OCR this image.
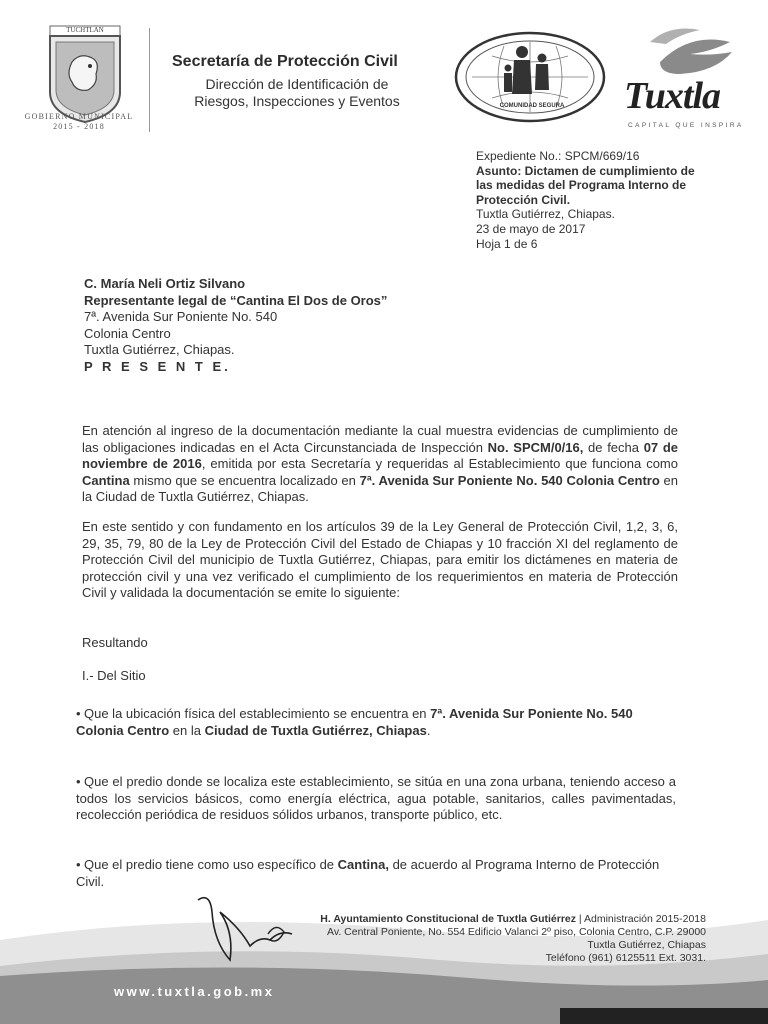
TUCHTLAN
GOBIERNO MUNICIPAL
2015 - 2018
Secretaría de Protección Civil
Dirección de Identificación de
Riesgos, Inspecciones y Eventos	COMUNIDAD SEGURA Tuxtla
CAPITAL QUE INSPIRA
Expediente No.: SPCM/669/16
Asunto: Dictamen de cumplimiento de
las medidas del Programa Interno de
Protección Civil.
Tuxtla Gutiérrez, Chiapas.
23 de mayo de 2017
Hoja 1 de 6
C. María Neli Ortiz Silvano
Representante legal de “Cantina El Dos de Oros”
7ª. Avenida Sur Poniente No. 540
Colonia Centro
Tuxtla Gutiérrez, Chiapas.
P R E S E N T E.
En atención al ingreso de la documentación mediante la cual muestra evidencias de cumplimiento de las obligaciones indicadas en el Acta Circunstanciada de Inspección No. SPCM/0/16, de fecha 07 de noviembre de 2016, emitida por esta Secretaría y requeridas al Establecimiento que funciona como Cantina mismo que se encuentra localizado en 7ª. Avenida Sur Poniente No. 540 Colonia Centro en la Ciudad de Tuxtla Gutiérrez, Chiapas.
En este sentido y con fundamento en los artículos 39 de la Ley General de Protección Civil, 1,2, 3, 6, 29, 35, 79, 80 de la Ley de Protección Civil del Estado de Chiapas y 10 fracción XI del reglamento de Protección Civil del municipio de Tuxtla Gutiérrez, Chiapas, para emitir los dictámenes en materia de protección civil y una vez verificado el cumplimiento de los requerimientos en materia de Protección Civil y validada la documentación se emite lo siguiente:
Resultando
I.- Del Sitio
• Que la ubicación física del establecimiento se encuentra en 7ª. Avenida Sur Poniente No. 540 Colonia Centro en la Ciudad de Tuxtla Gutiérrez, Chiapas.
• Que el predio donde se localiza este establecimiento, se sitúa en una zona urbana, teniendo acceso a todos los servicios básicos, como energía eléctrica, agua potable, sanitarios, calles pavimentadas, recolección periódica de residuos sólidos urbanos, transporte público, etc.
• Que el predio tiene como uso específico de Cantina, de acuerdo al Programa Interno de Protección Civil.
H. Ayuntamiento Constitucional de Tuxtla Gutiérrez | Administración 2015-2018
Av. Central Poniente, No. 554 Edificio Valanci 2º piso, Colonia Centro, C.P. 29000
Tuxtla Gutiérrez, Chiapas
Teléfono (961) 6125511 Ext. 3031.
www.tuxtla.gob.mx
